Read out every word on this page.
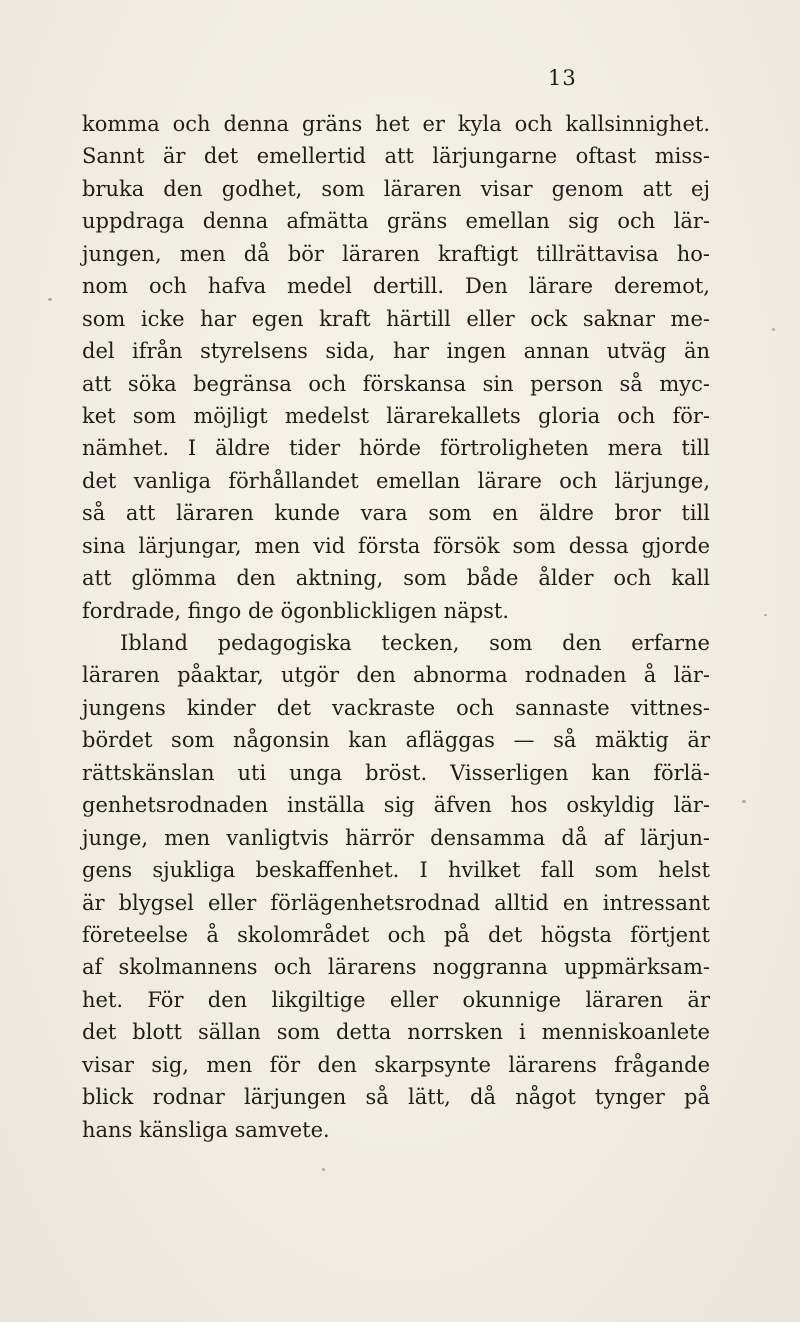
13
komma och denna gräns het er kyla och kallsinnighet.
Sannt är det emellertid att lärjungarne oftast miss-
bruka den godhet, som läraren visar genom att ej
uppdraga denna afmätta gräns emellan sig och lär-
jungen, men då bör läraren kraftigt tillrättavisa ho-
nom och hafva medel dertill. Den lärare deremot,
som icke har egen kraft härtill eller ock saknar me-
del ifrån styrelsens sida, har ingen annan utväg än
att söka begränsa och förskansa sin person så myc-
ket som möjligt medelst lärarekallets gloria och för-
nämhet. I äldre tider hörde förtroligheten mera till
det vanliga förhållandet emellan lärare och lärjunge,
så att läraren kunde vara som en äldre bror till
sina lärjungar, men vid första försök som dessa gjorde
att glömma den aktning, som både ålder och kall
fordrade, fingo de ögonblickligen näpst.
Ibland pedagogiska tecken, som den erfarne
läraren påaktar, utgör den abnorma rodnaden å lär-
jungens kinder det vackraste och sannaste vittnes-
bördet som någonsin kan afläggas — så mäktig är
rättskänslan uti unga bröst. Visserligen kan förlä-
genhetsrodnaden inställa sig äfven hos oskyldig lär-
junge, men vanligtvis härrör densamma då af lärjun-
gens sjukliga beskaffenhet. I hvilket fall som helst
är blygsel eller förlägenhetsrodnad alltid en intressant
företeelse å skolområdet och på det högsta förtjent
af skolmannens och lärarens noggranna uppmärksam-
het. För den likgiltige eller okunnige läraren är
det blott sällan som detta norrsken i menniskoanlete
visar sig, men för den skarpsynte lärarens frågande
blick rodnar lärjungen så lätt, då något tynger på
hans känsliga samvete.
